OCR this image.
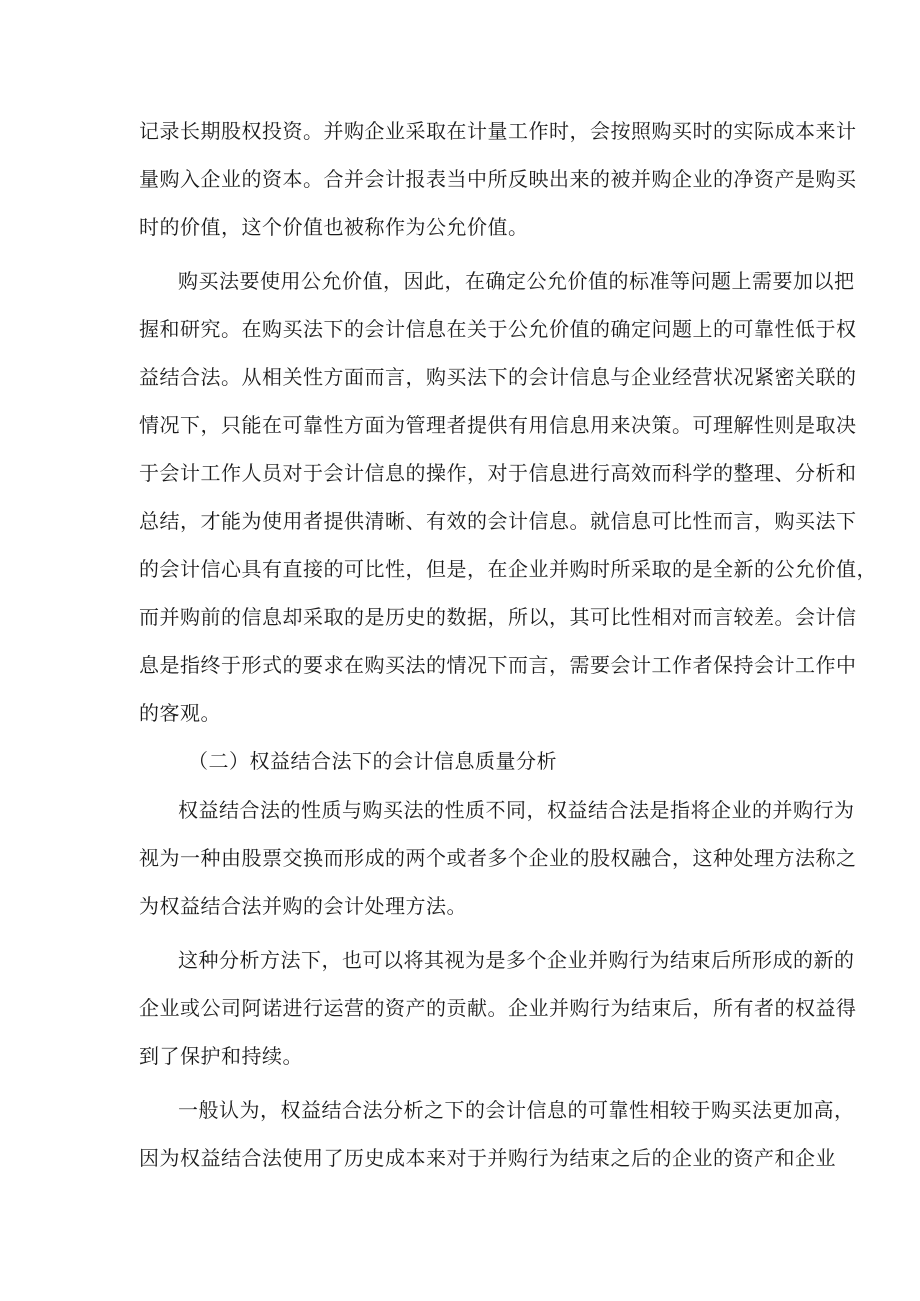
记录长期股权投资。并购企业采取在计量工作时，会按照购买时的实际成本来计
量购入企业的资本。合并会计报表当中所反映出来的被并购企业的净资产是购买
时的价值，这个价值也被称作为公允价值。
购买法要使用公允价值，因此，在确定公允价值的标准等问题上需要加以把
握和研究。在购买法下的会计信息在关于公允价值的确定问题上的可靠性低于权
益结合法。从相关性方面而言，购买法下的会计信息与企业经营状况紧密关联的
情况下，只能在可靠性方面为管理者提供有用信息用来决策。可理解性则是取决
于会计工作人员对于会计信息的操作，对于信息进行高效而科学的整理、分析和
总结，才能为使用者提供清晰、有效的会计信息。就信息可比性而言，购买法下
的会计信心具有直接的可比性，但是，在企业并购时所采取的是全新的公允价值，
而并购前的信息却采取的是历史的数据，所以，其可比性相对而言较差。会计信
息是指终于形式的要求在购买法的情况下而言，需要会计工作者保持会计工作中
的客观。
（二）权益结合法下的会计信息质量分析
权益结合法的性质与购买法的性质不同，权益结合法是指将企业的并购行为
视为一种由股票交换而形成的两个或者多个企业的股权融合，这种处理方法称之
为权益结合法并购的会计处理方法。
这种分析方法下，也可以将其视为是多个企业并购行为结束后所形成的新的
企业或公司阿诺进行运营的资产的贡献。企业并购行为结束后，所有者的权益得
到了保护和持续。
一般认为，权益结合法分析之下的会计信息的可靠性相较于购买法更加高，
因为权益结合法使用了历史成本来对于并购行为结束之后的企业的资产和企业
